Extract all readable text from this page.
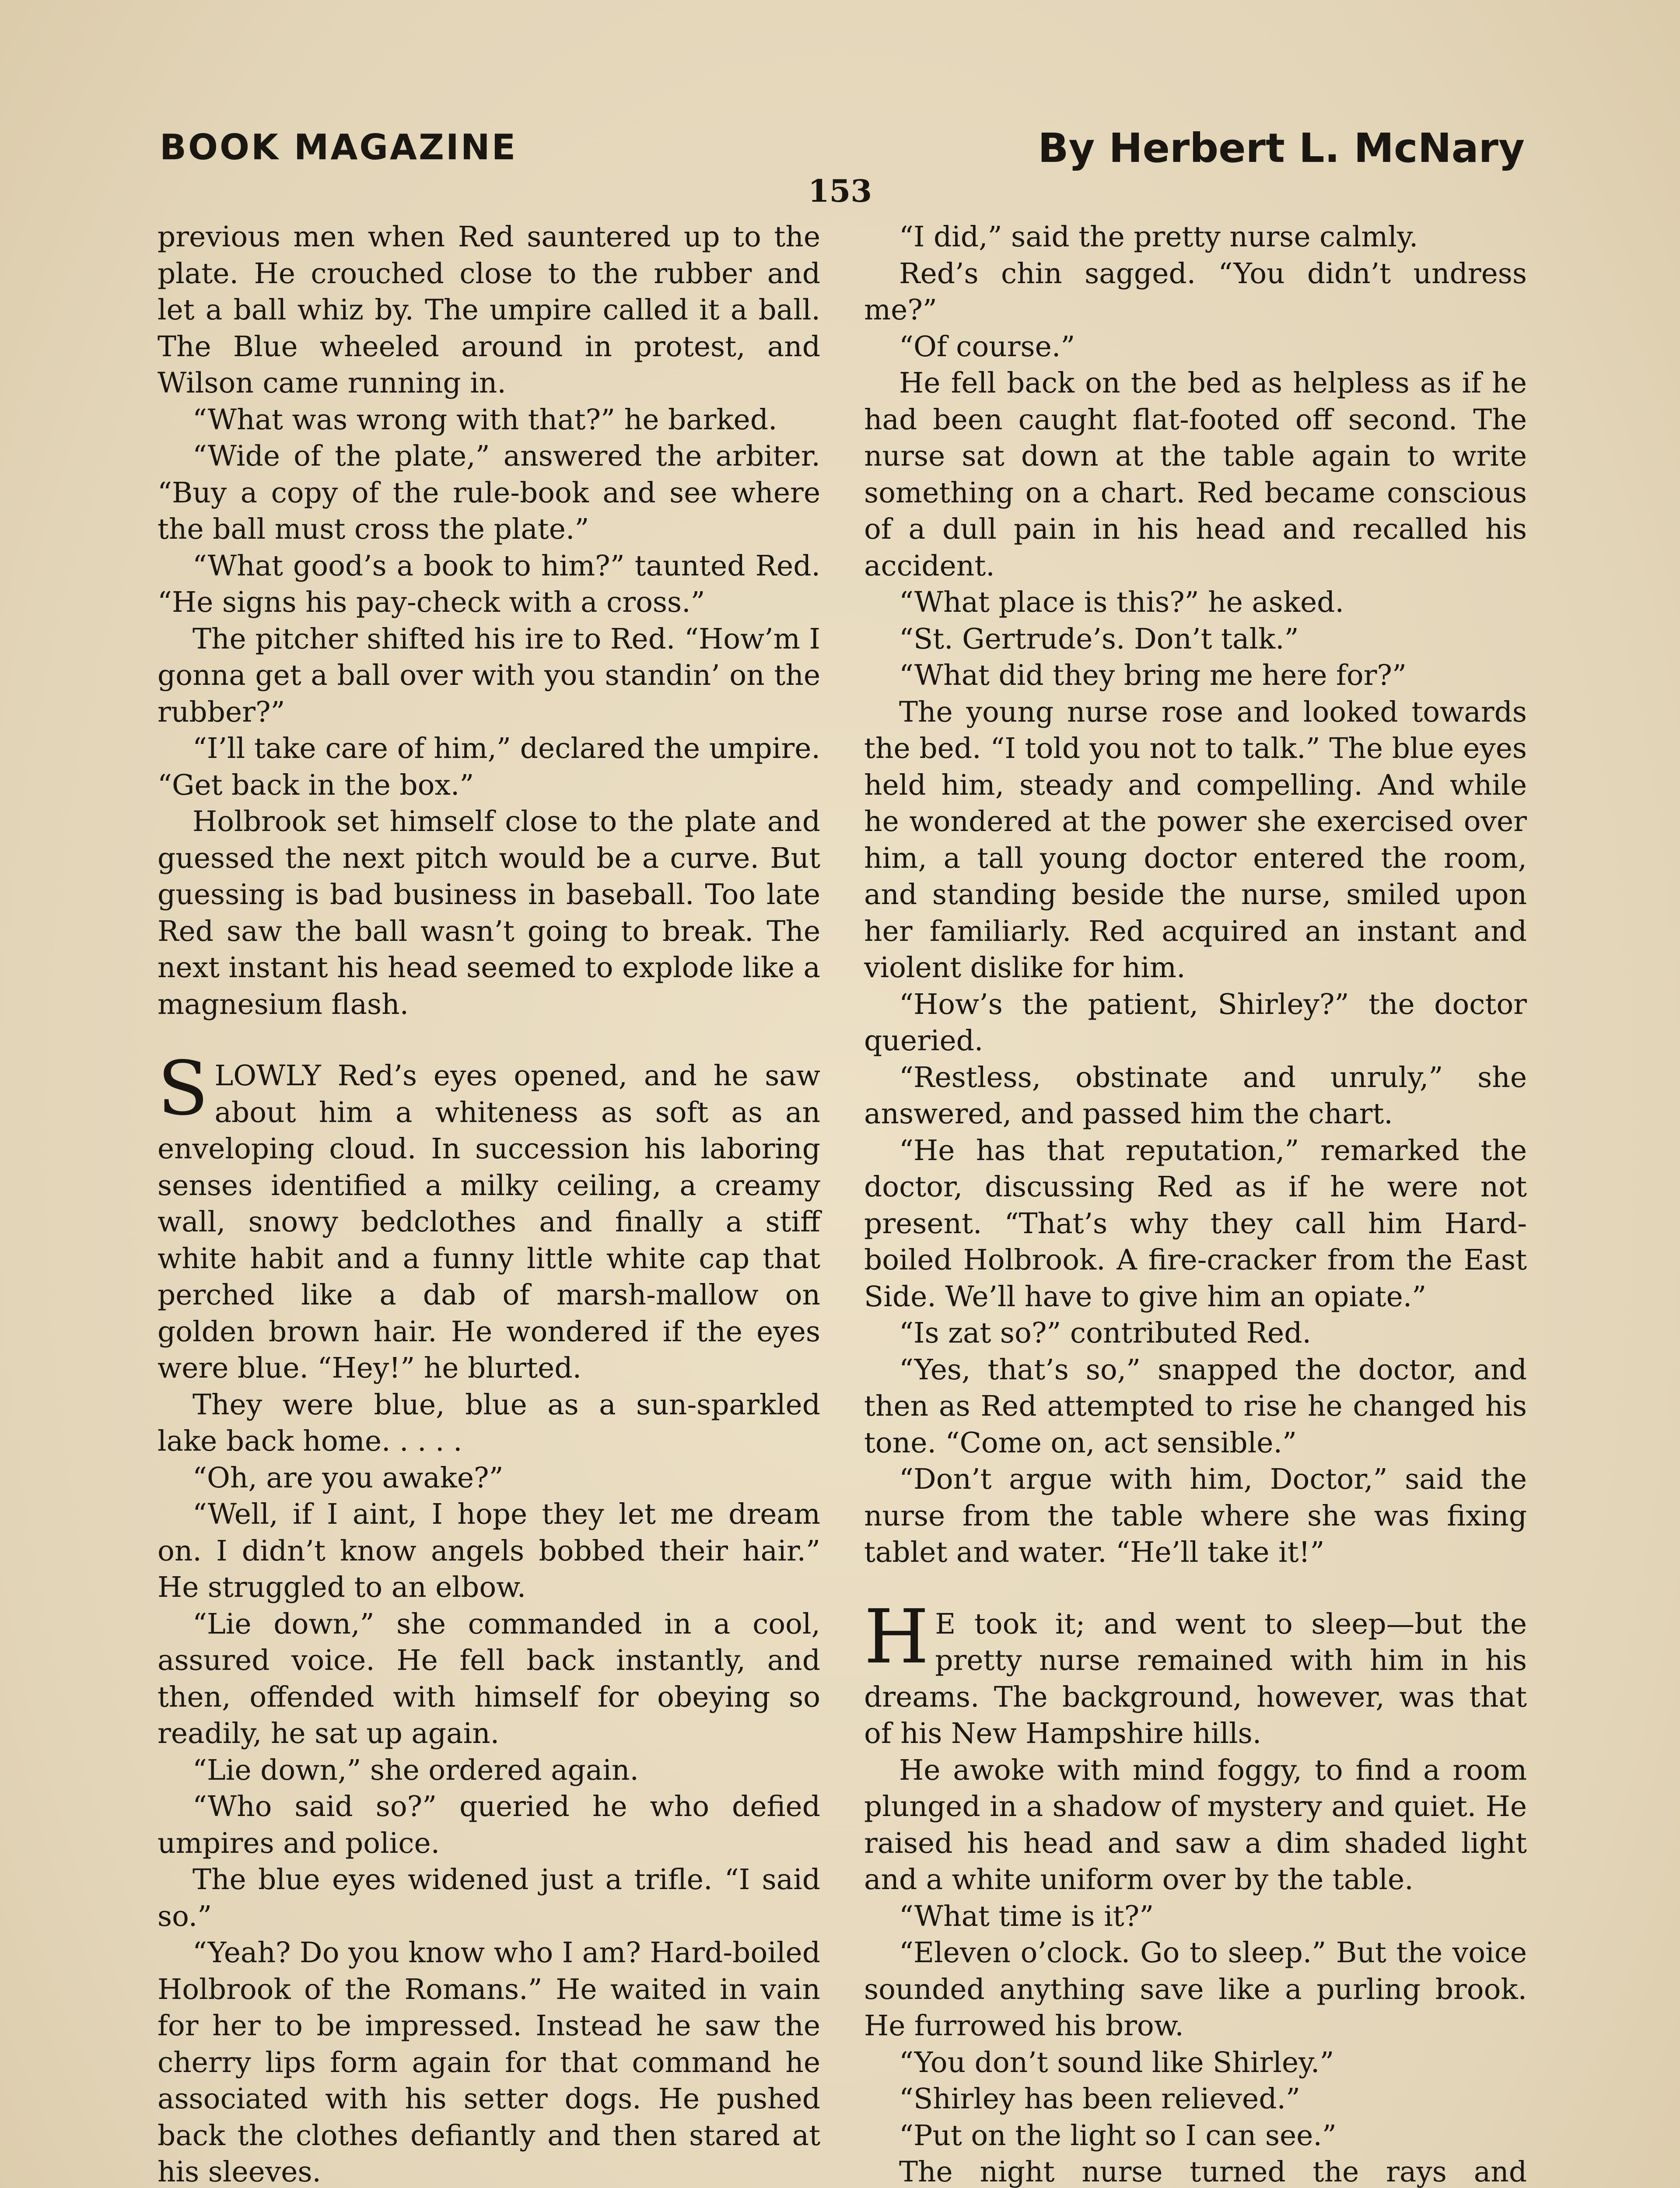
BOOK MAGAZINE	By Herbert L. McNary
153

previous men when Red sauntered up to the plate. He crouched close to the rubber and let a ball whiz by. The umpire called it a ball. The Blue wheeled around in protest, and Wilson came running in.

“What was wrong with that?” he barked.

“Wide of the plate,” answered the arbiter. “Buy a copy of the rule-book and see where the ball must cross the plate.”

“What good’s a book to him?” taunted Red. “He signs his pay-check with a cross.”

The pitcher shifted his ire to Red. “How’m I gonna get a ball over with you standin’ on the rubber?”

“I’ll take care of him,” declared the umpire. “Get back in the box.”

Holbrook set himself close to the plate and guessed the next pitch would be a curve. But guessing is bad business in baseball. Too late Red saw the ball wasn’t going to break. The next instant his head seemed to explode like a magnesium flash.

SLOWLY Red’s eyes opened, and he saw about him a whiteness as soft as an enveloping cloud. In succession his laboring senses identified a milky ceiling, a creamy wall, snowy bedclothes and finally a stiff white habit and a funny little white cap that perched like a dab of marsh-mallow on golden brown hair. He wondered if the eyes were blue. “Hey!” he blurted.

They were blue, blue as a sun-sparkled lake back home. . . . .

“Oh, are you awake?”

“Well, if I aint, I hope they let me dream on. I didn’t know angels bobbed their hair.” He struggled to an elbow.

“Lie down,” she commanded in a cool, assured voice. He fell back instantly, and then, offended with himself for obeying so readily, he sat up again.

“Lie down,” she ordered again.

“Who said so?” queried he who defied umpires and police.

The blue eyes widened just a trifle. “I said so.”

“Yeah? Do you know who I am? Hard-boiled Holbrook of the Romans.” He waited in vain for her to be impressed. Instead he saw the cherry lips form again for that command he associated with his setter dogs. He pushed back the clothes defiantly and then stared at his sleeves.

“I did,” said the pretty nurse calmly.

Red’s chin sagged. “You didn’t undress me?”

“Of course.”

He fell back on the bed as helpless as if he had been caught flat-footed off second. The nurse sat down at the table again to write something on a chart. Red became conscious of a dull pain in his head and recalled his accident.

“What place is this?” he asked.

“St. Gertrude’s. Don’t talk.”

“What did they bring me here for?”

The young nurse rose and looked towards the bed. “I told you not to talk.” The blue eyes held him, steady and compelling. And while he wondered at the power she exercised over him, a tall young doctor entered the room, and standing beside the nurse, smiled upon her familiarly. Red acquired an instant and violent dislike for him.

“How’s the patient, Shirley?” the doctor queried.

“Restless, obstinate and unruly,” she answered, and passed him the chart.

“He has that reputation,” remarked the doctor, discussing Red as if he were not present. “That’s why they call him Hard-boiled Holbrook. A fire-cracker from the East Side. We’ll have to give him an opiate.”

“Is zat so?” contributed Red.

“Yes, that’s so,” snapped the doctor, and then as Red attempted to rise he changed his tone. “Come on, act sensible.”

“Don’t argue with him, Doctor,” said the nurse from the table where she was fixing tablet and water. “He’ll take it!”

H E took it; and went to sleep—but the pretty nurse remained with him in his dreams. The background, however, was that of his New Hampshire hills.

He awoke with mind foggy, to find a room plunged in a shadow of mystery and quiet. He raised his head and saw a dim shaded light and a white uniform over by the table.

“What time is it?”

“Eleven o’clock. Go to sleep.” But the voice sounded anything save like a purling brook. He furrowed his brow.

“You don’t sound like Shirley.”

“Shirley has been relieved.”

“Put on the light so I can see.”

The night nurse turned the rays and
